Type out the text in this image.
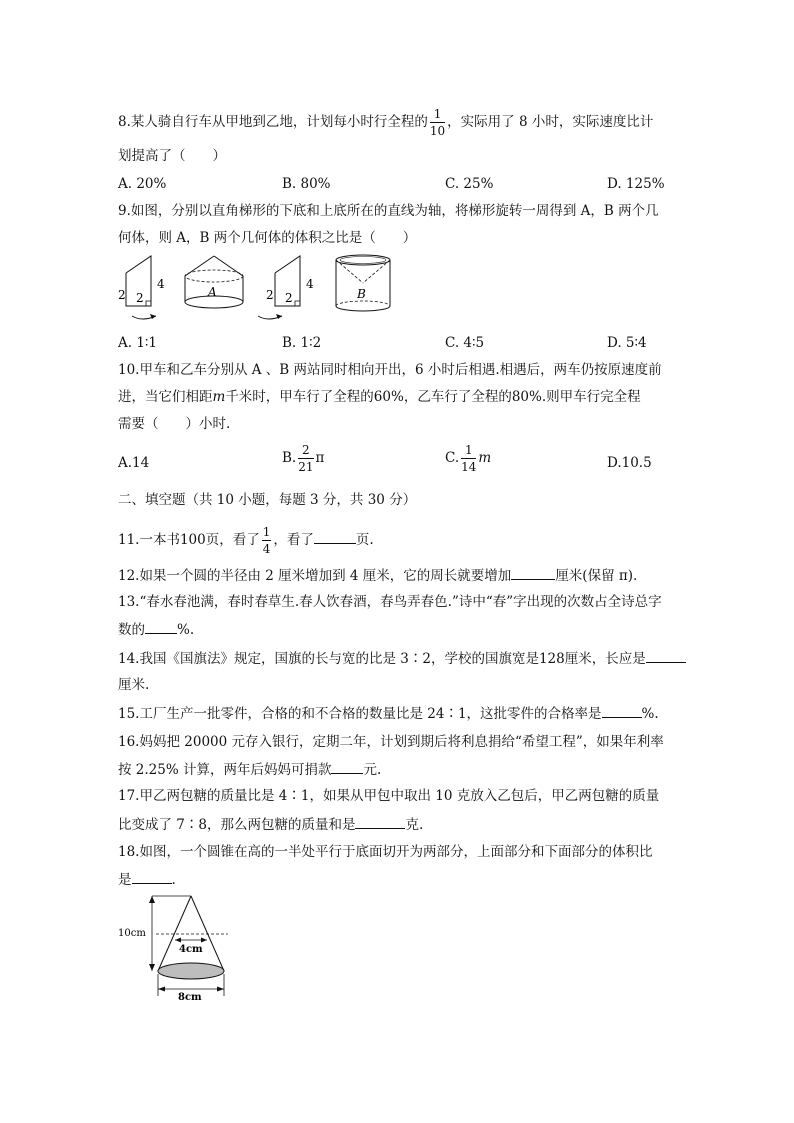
8.某人骑自行车从甲地到乙地，计划每小时行全程的 $\frac{1}{10}$ ，实际用了 8 小时，实际速度比计
划提高了（　　）
A. 20%	B. 80%	C. 25%	D. 125%
9.如图，分别以直角梯形的下底和上底所在的直线为轴，将梯形旋转一周得到 A，B 两个几
何体，则 A，B 两个几何体的体积之比是（　　）
2 2
4
A	2 2
4
B
A. 1∶1	B. 1∶2	C. 4∶5	D. 5∶4
10.甲车和乙车分别从 A 、B 两站同时相向开出，6 小时后相遇.相遇后，两车仍按原速度前
进，当它们相距m千米时，甲车行了全程的60%，乙车行了全程的80%.则甲车行完全程
需要（　　）小时.
A.14	B. $\frac{2}{21}$ π	C. $\frac{1}{14}$ m	D.10.5
二、填空题（共 10 小题，每题 3 分，共 30 分）
11.一本书100页，看了 $\frac{1}{4}$ ，看了	页.
12.如果一个圆的半径由 2 厘米增加到 4 厘米，它的周长就要增加	厘米(保留 π).
13.“春水春池满，春时春草生.春人饮春酒，春鸟弄春色.”诗中“春”字出现的次数占全诗总字
数的 %.
14.我国《国旗法》规定，国旗的长与宽的比是 3∶2，学校的国旗宽是128厘米，长应是
厘米.
15.工厂生产一批零件，合格的和不合格的数量比是 24∶1，这批零件的合格率是	%.
16.妈妈把 20000 元存入银行，定期二年，计划到期后将利息捐给“希望工程”，如果年利率
按 2.25% 计算，两年后妈妈可捐款 元.
17.甲乙两包糖的质量比是 4∶1，如果从甲包中取出 10 克放入乙包后，甲乙两包糖的质量
比变成了 7∶8，那么两包糖的质量和是	克.
18.如图，一个圆锥在高的一半处平行于底面切开为两部分，上面部分和下面部分的体积比
是	.
10cm
4cm
8cm
